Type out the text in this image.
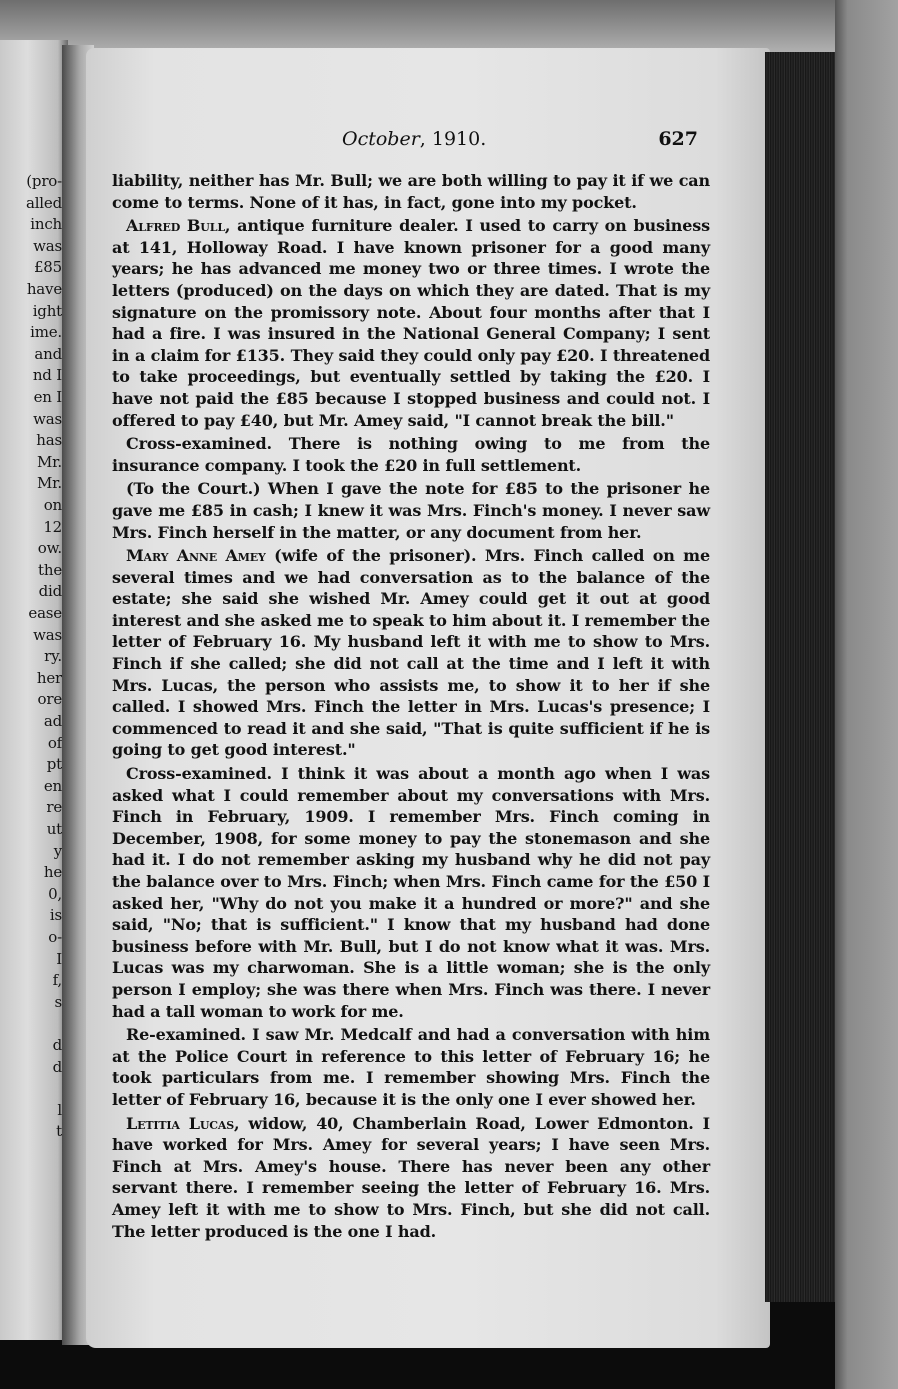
(pro-
alled
inch
was
£85
have
ight
ime.
and
nd I
en I
was
has
Mr.
Mr.
on
12
ow.
the
did
ease
was
ry.
her
ore
ad
of
pt
en
re
ut
y
he
0,
is
o-
I
f,
s
d
d
l
t
October, 1910.	627

liability, neither has Mr. Bull; we are both willing to pay it if we can come to terms. None of it has, in fact, gone into my pocket.

Alfred Bull, antique furniture dealer. I used to carry on business at 141, Holloway Road. I have known prisoner for a good many years; he has advanced me money two or three times. I wrote the letters (produced) on the days on which they are dated. That is my signature on the promissory note. About four months after that I had a fire. I was insured in the National General Company; I sent in a claim for £135. They said they could only pay £20. I threatened to take proceedings, but eventually settled by taking the £20. I have not paid the £85 because I stopped business and could not. I offered to pay £40, but Mr. Amey said, "I cannot break the bill."

Cross-examined. There is nothing owing to me from the insurance company. I took the £20 in full settlement.

(To the Court.) When I gave the note for £85 to the prisoner he gave me £85 in cash; I knew it was Mrs. Finch's money. I never saw Mrs. Finch herself in the matter, or any document from her.

Mary Anne Amey (wife of the prisoner). Mrs. Finch called on me several times and we had conversation as to the balance of the estate; she said she wished Mr. Amey could get it out at good interest and she asked me to speak to him about it. I remember the letter of February 16. My husband left it with me to show to Mrs. Finch if she called; she did not call at the time and I left it with Mrs. Lucas, the person who assists me, to show it to her if she called. I showed Mrs. Finch the letter in Mrs. Lucas's presence; I commenced to read it and she said, "That is quite sufficient if he is going to get good interest."

Cross-examined. I think it was about a month ago when I was asked what I could remember about my conversations with Mrs. Finch in February, 1909. I remember Mrs. Finch coming in December, 1908, for some money to pay the stonemason and she had it. I do not remember asking my husband why he did not pay the balance over to Mrs. Finch; when Mrs. Finch came for the £50 I asked her, "Why do not you make it a hundred or more?" and she said, "No; that is sufficient." I know that my husband had done business before with Mr. Bull, but I do not know what it was. Mrs. Lucas was my charwoman. She is a little woman; she is the only person I employ; she was there when Mrs. Finch was there. I never had a tall woman to work for me.

Re-examined. I saw Mr. Medcalf and had a conversation with him at the Police Court in reference to this letter of February 16; he took particulars from me. I remember showing Mrs. Finch the letter of February 16, because it is the only one I ever showed her.

Letitia Lucas, widow, 40, Chamberlain Road, Lower Edmonton. I have worked for Mrs. Amey for several years; I have seen Mrs. Finch at Mrs. Amey's house. There has never been any other servant there. I remember seeing the letter of February 16. Mrs. Amey left it with me to show to Mrs. Finch, but she did not call. The letter produced is the one I had.
